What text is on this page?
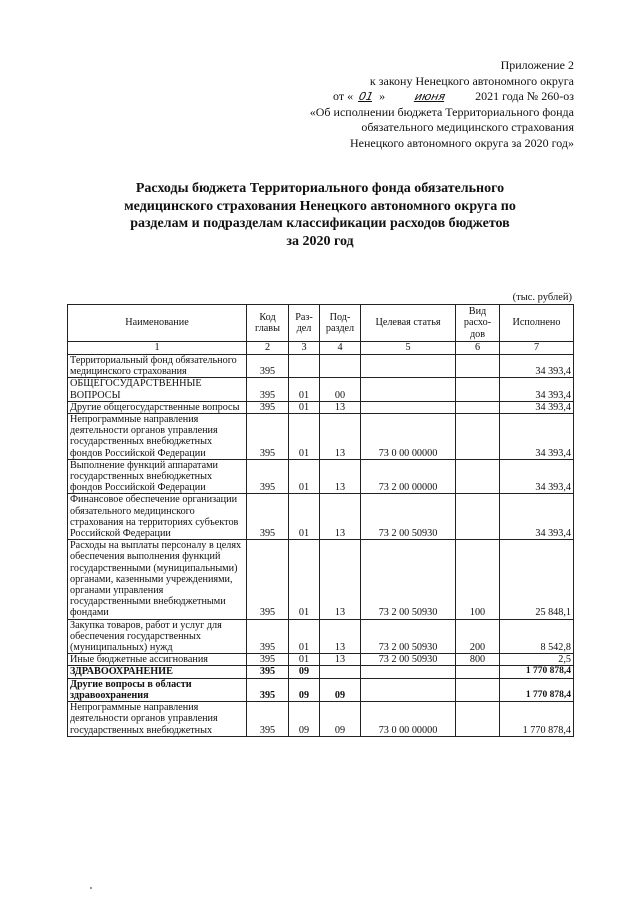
Приложение 2
к закону Ненецкого автономного округа
от « 01 »	июня 2021 года № 260-оз
«Об исполнении бюджета Территориального фонда
обязательного медицинского страхования
Ненецкого автономного округа за 2020 год»
Расходы бюджета Территориального фонда обязательного
медицинского страхования Ненецкого автономного округа по
разделам и подразделам классификации расходов бюджетов
за 2020 год
(тыс. рублей)
Наименование	Код главы	Раз-дел	Под-раздел	Целевая статья	Вид расхо-дов	Исполнено
1	2	3	4	5	6	7
Территориальный фонд обязательного медицинского страхования	395					34 393,4
ОБЩЕГОСУДАРСТВЕННЫЕ ВОПРОСЫ	395	01	00			34 393,4
Другие общегосударственные вопросы	395	01	13			34 393,4
Непрограммные направления деятельности органов управления государственных внебюджетных фондов Российской Федерации	395	01	13	73 0 00 00000		34 393,4
Выполнение функций аппаратами государственных внебюджетных фондов Российской Федерации	395	01	13	73 2 00 00000		34 393,4
Финансовое обеспечение организации обязательного медицинского страхования на территориях субъектов Российской Федерации	395	01	13	73 2 00 50930		34 393,4
Расходы на выплаты персоналу в целях обеспечения выполнения функций государственными (муниципальными) органами, казенными учреждениями, органами управления государственными внебюджетными фондами	395	01	13	73 2 00 50930	100	25 848,1
Закупка товаров, работ и услуг для обеспечения государственных (муниципальных) нужд	395	01	13	73 2 00 50930	200	8 542,8
Иные бюджетные ассигнования	395	01	13	73 2 00 50930	800	2,5
ЗДРАВООХРАНЕНИЕ	395	09				1 770 878,4
Другие вопросы в области здравоохранения	395	09	09			1 770 878,4
Непрограммные направления деятельности органов управления государственных внебюджетных	395	09	09	73 0 00 00000		1 770 878,4
